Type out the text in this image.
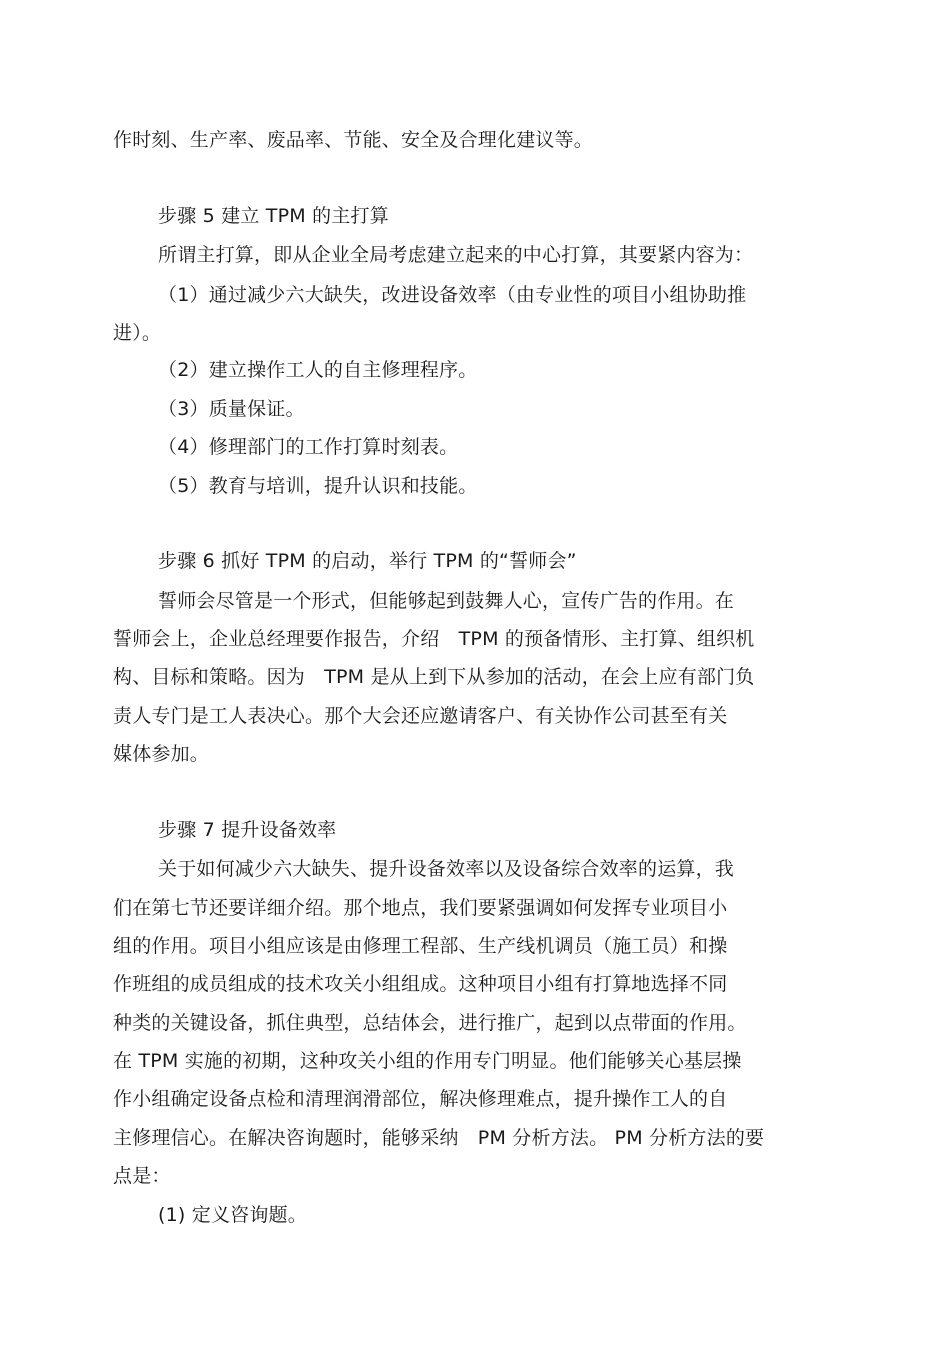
作时刻、生产率、废品率、节能、安全及合理化建议等。
步骤 5 建立 TPM 的主打算
所谓主打算，即从企业全局考虑建立起来的中心打算，其要紧内容为：
（1）通过减少六大缺失，改进设备效率（由专业性的项目小组协助推
进）。
（2）建立操作工人的自主修理程序。
（3）质量保证。
（4）修理部门的工作打算时刻表。
（5）教育与培训，提升认识和技能。
步骤 6 抓好 TPM 的启动，举行 TPM 的“誓师会”
誓师会尽管是一个形式，但能够起到鼓舞人心，宣传广告的作用。在
誓师会上，企业总经理要作报告，介绍　TPM 的预备情形、主打算、组织机
构、目标和策略。因为　TPM 是从上到下从参加的活动，在会上应有部门负
责人专门是工人表决心。那个大会还应邀请客户、有关协作公司甚至有关
媒体参加。
步骤 7 提升设备效率
关于如何减少六大缺失、提升设备效率以及设备综合效率的运算，我
们在第七节还要详细介绍。那个地点，我们要紧强调如何发挥专业项目小
组的作用。项目小组应该是由修理工程部、生产线机调员（施工员）和操
作班组的成员组成的技术攻关小组组成。这种项目小组有打算地选择不同
种类的关键设备，抓住典型，总结体会，进行推广，起到以点带面的作用。
在 TPM 实施的初期，这种攻关小组的作用专门明显。他们能够关心基层操
作小组确定设备点检和清理润滑部位，解决修理难点，提升操作工人的自
主修理信心。在解决咨询题时，能够采纳　PM 分析方法。 PM 分析方法的要
点是：
(1) 定义咨询题。
